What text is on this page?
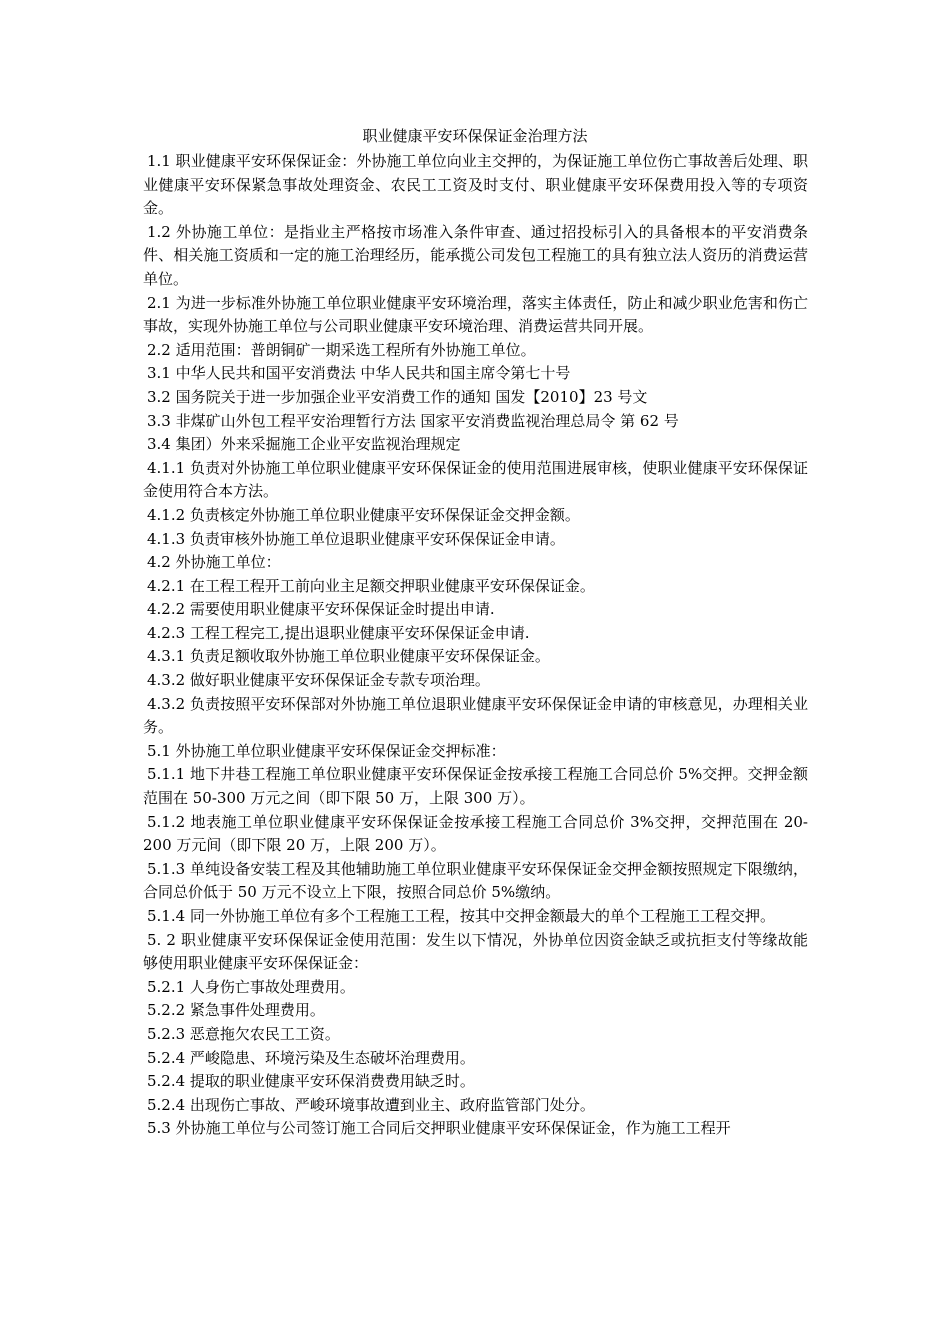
职业健康平安环保保证金治理方法

1.1 职业健康平安环保保证金：外协施工单位向业主交押的，为保证施工单位伤亡事故善后处理、职业健康平安环保紧急事故处理资金、农民工工资及时支付、职业健康平安环保费用投入等的专项资金。

1.2 外协施工单位：是指业主严格按市场准入条件审查、通过招投标引入的具备根本的平安消费条件、相关施工资质和一定的施工治理经历，能承揽公司发包工程施工的具有独立法人资历的消费运营单位。

2.1 为进一步标准外协施工单位职业健康平安环境治理，落实主体责任，防止和减少职业危害和伤亡事故，实现外协施工单位与公司职业健康平安环境治理、消费运营共同开展。

2.2 适用范围：普朗铜矿一期采选工程所有外协施工单位。

3.1 中华人民共和国平安消费法 中华人民共和国主席令第七十号

3.2 国务院关于进一步加强企业平安消费工作的通知 国发【2010】23 号文

3.3 非煤矿山外包工程平安治理暂行方法 国家平安消费监视治理总局令 第 62 号

3.4 集团）外来采掘施工企业平安监视治理规定

4.1.1 负责对外协施工单位职业健康平安环保保证金的使用范围进展审核，使职业健康平安环保保证金使用符合本方法。

4.1.2 负责核定外协施工单位职业健康平安环保保证金交押金额。

4.1.3 负责审核外协施工单位退职业健康平安环保保证金申请。

4.2 外协施工单位：

4.2.1 在工程工程开工前向业主足额交押职业健康平安环保保证金。

4.2.2 需要使用职业健康平安环保保证金时提出申请.

4.2.3 工程工程完工,提出退职业健康平安环保保证金申请.

4.3.1 负责足额收取外协施工单位职业健康平安环保保证金。

4.3.2 做好职业健康平安环保保证金专款专项治理。

4.3.2 负责按照平安环保部对外协施工单位退职业健康平安环保保证金申请的审核意见，办理相关业务。

5.1 外协施工单位职业健康平安环保保证金交押标准：

5.1.1 地下井巷工程施工单位职业健康平安环保保证金按承接工程施工合同总价 5%交押。交押金额范围在 50-300 万元之间（即下限 50 万，上限 300 万）。

5.1.2 地表施工单位职业健康平安环保保证金按承接工程施工合同总价 3%交押，交押范围在 20-200 万元间（即下限 20 万，上限 200 万）。

5.1.3 单纯设备安装工程及其他辅助施工单位职业健康平安环保保证金交押金额按照规定下限缴纳，合同总价低于 50 万元不设立上下限，按照合同总价 5%缴纳。

5.1.4 同一外协施工单位有多个工程施工工程，按其中交押金额最大的单个工程施工工程交押。

5. 2 职业健康平安环保保证金使用范围：发生以下情况，外协单位因资金缺乏或抗拒支付等缘故能够使用职业健康平安环保保证金：

5.2.1 人身伤亡事故处理费用。

5.2.2 紧急事件处理费用。

5.2.3 恶意拖欠农民工工资。

5.2.4 严峻隐患、环境污染及生态破坏治理费用。

5.2.4 提取的职业健康平安环保消费费用缺乏时。

5.2.4 出现伤亡事故、严峻环境事故遭到业主、政府监管部门处分。

5.3 外协施工单位与公司签订施工合同后交押职业健康平安环保保证金，作为施工工程开
